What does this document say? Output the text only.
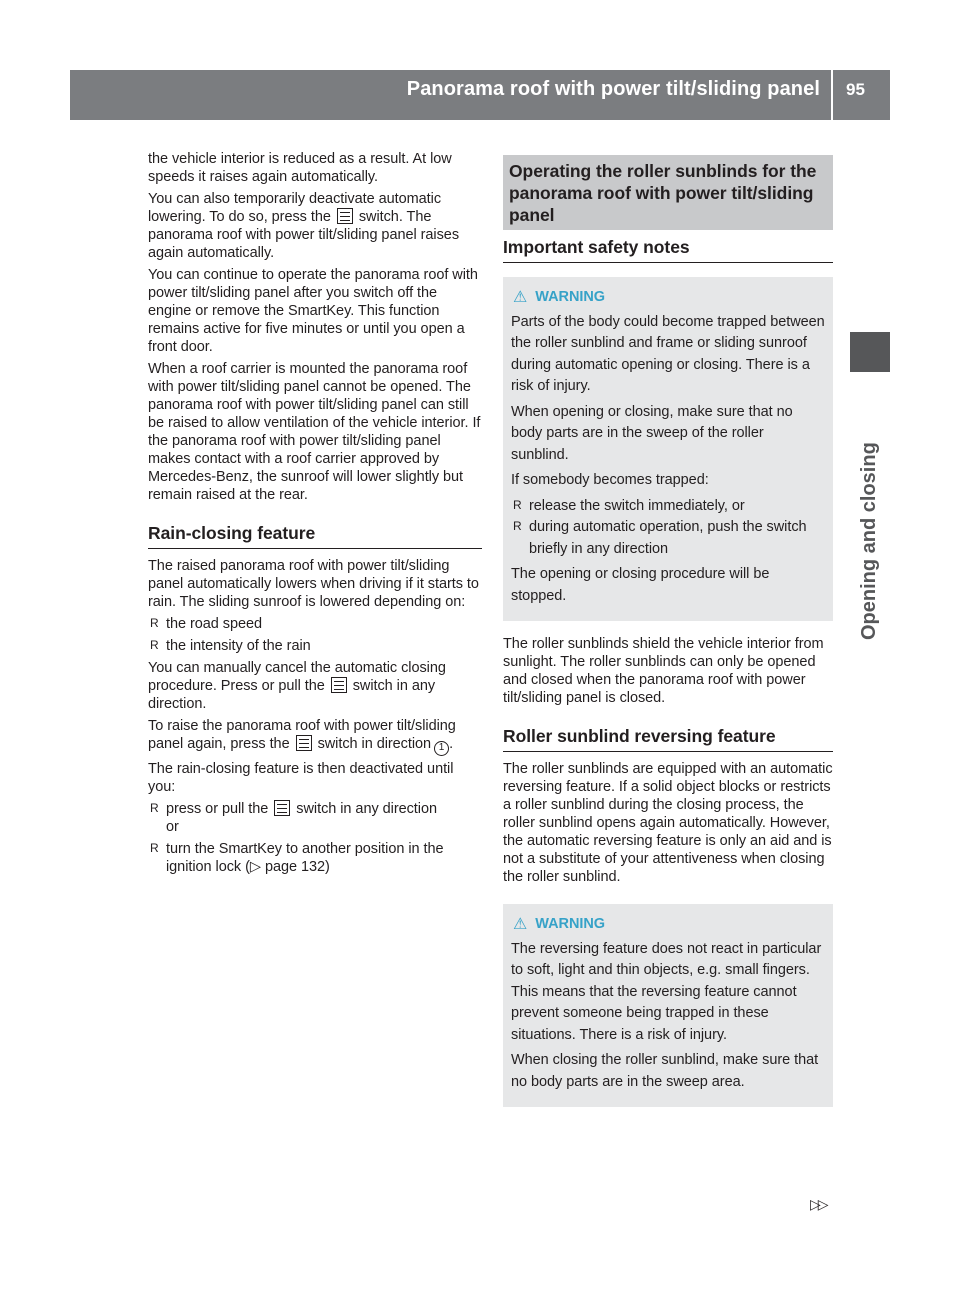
Panorama roof with power tilt/sliding panel 95
Opening and closing

the vehicle interior is reduced as a result. At low speeds it raises again automatically.

You can also temporarily deactivate automatic lowering. To do so, press the switch. The panorama roof with power tilt/sliding panel raises again automatically.

You can continue to operate the panorama roof with power tilt/sliding panel after you switch off the engine or remove the SmartKey. This function remains active for five minutes or until you open a front door.

When a roof carrier is mounted the panorama roof with power tilt/sliding panel cannot be opened. The panorama roof with power tilt/sliding panel can still be raised to allow ventilation of the vehicle interior. If the panorama roof with power tilt/sliding panel makes contact with a roof carrier approved by Mercedes-Benz, the sunroof will lower slightly but remain raised at the rear.

Rain-closing feature

The raised panorama roof with power tilt/sliding panel automatically lowers when driving if it starts to rain. The sliding sunroof is lowered depending on:

R the road speed
R the intensity of the rain

You can manually cancel the automatic closing procedure. Press or pull the switch in any direction.

To raise the panorama roof with power tilt/sliding panel again, press the switch in direction 1 .

The rain-closing feature is then deactivated until you:

R press or pull the switch in any direction
or
R turn the SmartKey to another position in the ignition lock (▷ page 132)
Operating the roller sunblinds for the panorama roof with power tilt/sliding panel
Important safety notes
⚠ WARNING

Parts of the body could become trapped between the roller sunblind and frame or sliding sunroof during automatic opening or closing. There is a risk of injury.

When opening or closing, make sure that no body parts are in the sweep of the roller sunblind.

If somebody becomes trapped:

R release the switch immediately, or
R during automatic operation, push the switch briefly in any direction

The opening or closing procedure will be stopped.

The roller sunblinds shield the vehicle interior from sunlight. The roller sunblinds can only be opened and closed when the panorama roof with power tilt/sliding panel is closed.

Roller sunblind reversing feature

The roller sunblinds are equipped with an automatic reversing feature. If a solid object blocks or restricts a roller sunblind during the closing process, the roller sunblind opens again automatically. However, the automatic reversing feature is only an aid and is not a substitute of your attentiveness when closing the roller sunblind.

⚠ WARNING

The reversing feature does not react in particular to soft, light and thin objects, e.g. small fingers. This means that the reversing feature cannot prevent someone being trapped in these situations. There is a risk of injury.

When closing the roller sunblind, make sure that no body parts are in the sweep area.

▷▷
